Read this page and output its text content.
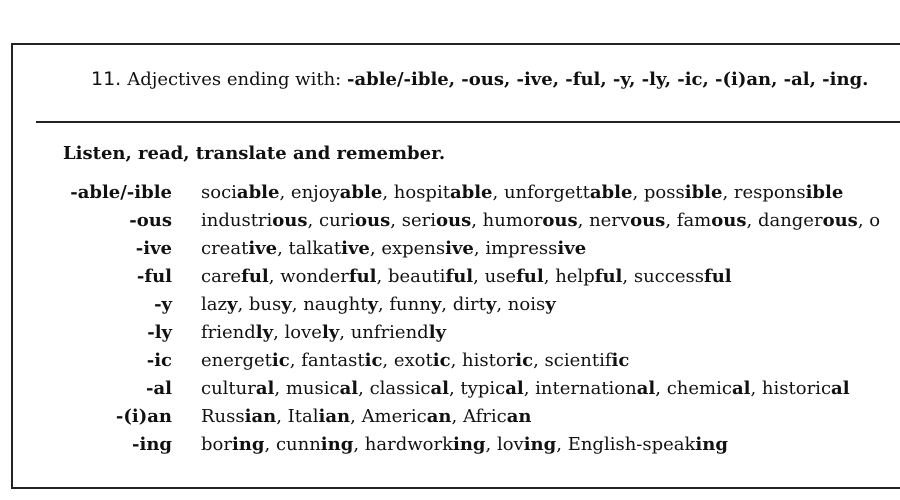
11. Adjectives ending with: -able/-ible, -ous, -ive, -ful, -y, -ly, -ic, -(i)an, -al, -ing.
Listen, read, translate and remember.
-able/-ible sociable, enjoyable, hospitable, unforgettable, possible, responsible
-ous industrious, curious, serious, humorous, nervous, famous, dangerous, o
-ive creative, talkative, expensive, impressive
-ful careful, wonderful, beautiful, useful, helpful, successful
-y lazy, busy, naughty, funny, dirty, noisy
-ly friendly, lovely, unfriendly
-ic energetic, fantastic, exotic, historic, scientific
-al cultural, musical, classical, typical, international, chemical, historical
-(i)an Russian, Italian, American, African
-ing boring, cunning, hardworking, loving, English-speaking
